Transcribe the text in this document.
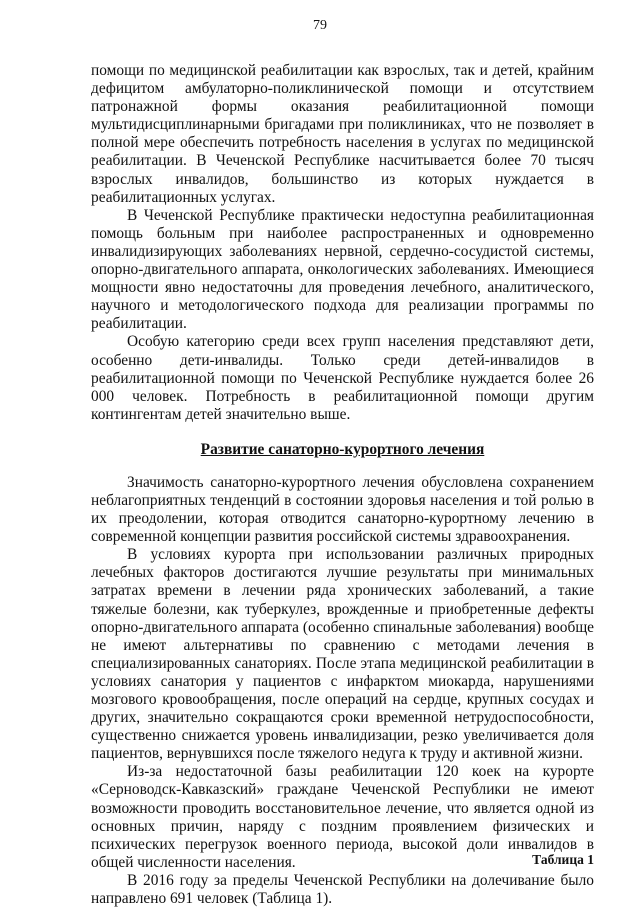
79

помощи по медицинской реабилитации как взрослых, так и детей, крайним дефицитом амбулаторно-поликлинической помощи и отсутствием патронажной формы оказания реабилитационной помощи мультидисциплинарными бригадами при поликлиниках, что не позволяет в полной мере обеспечить потребность населения в услугах по медицинской реабилитации. В Чеченской Республике насчитывается более 70 тысяч взрослых инвалидов, большинство из которых нуждается в реабилитационных услугах.

В Чеченской Республике практически недоступна реабилитационная помощь больным при наиболее распространенных и одновременно инвалидизирующих заболеваниях нервной, сердечно-сосудистой системы, опорно-двигательного аппарата, онкологических заболеваниях. Имеющиеся мощности явно недостаточны для проведения лечебного, аналитического, научного и методологического подхода для реализации программы по реабилитации.

Особую категорию среди всех групп населения представляют дети, особенно дети-инвалиды. Только среди детей-инвалидов в реабилитационной помощи по Чеченской Республике нуждается более 26 000 человек. Потребность в реабилитационной помощи другим контингентам детей значительно выше.

Развитие санаторно-курортного лечения

Значимость санаторно-курортного лечения обусловлена сохранением неблагоприятных тенденций в состоянии здоровья населения и той ролью в их преодолении, которая отводится санаторно-курортному лечению в современной концепции развития российской системы здравоохранения.

В условиях курорта при использовании различных природных лечебных факторов достигаются лучшие результаты при минимальных затратах времени в лечении ряда хронических заболеваний, а такие тяжелые болезни, как туберкулез, врожденные и приобретенные дефекты опорно-двигательного аппарата (особенно спинальные заболевания) вообще не имеют альтернативы по сравнению с методами лечения в специализированных санаториях. После этапа медицинской реабилитации в условиях санатория у пациентов с инфарктом миокарда, нарушениями мозгового кровообращения, после операций на сердце, крупных сосудах и других, значительно сокращаются сроки временной нетрудоспособности, существенно снижается уровень инвалидизации, резко увеличивается доля пациентов, вернувшихся после тяжелого недуга к труду и активной жизни.

Из-за недостаточной базы реабилитации 120 коек на курорте «Серноводск-Кавказский» граждане Чеченской Республики не имеют возможности проводить восстановительное лечение, что является одной из основных причин, наряду с поздним проявлением физических и психических перегрузок военного периода, высокой доли инвалидов в общей численности населения.

В 2016 году за пределы Чеченской Республики на долечивание было направлено 691 человек (Таблица 1).

Таблица 1
